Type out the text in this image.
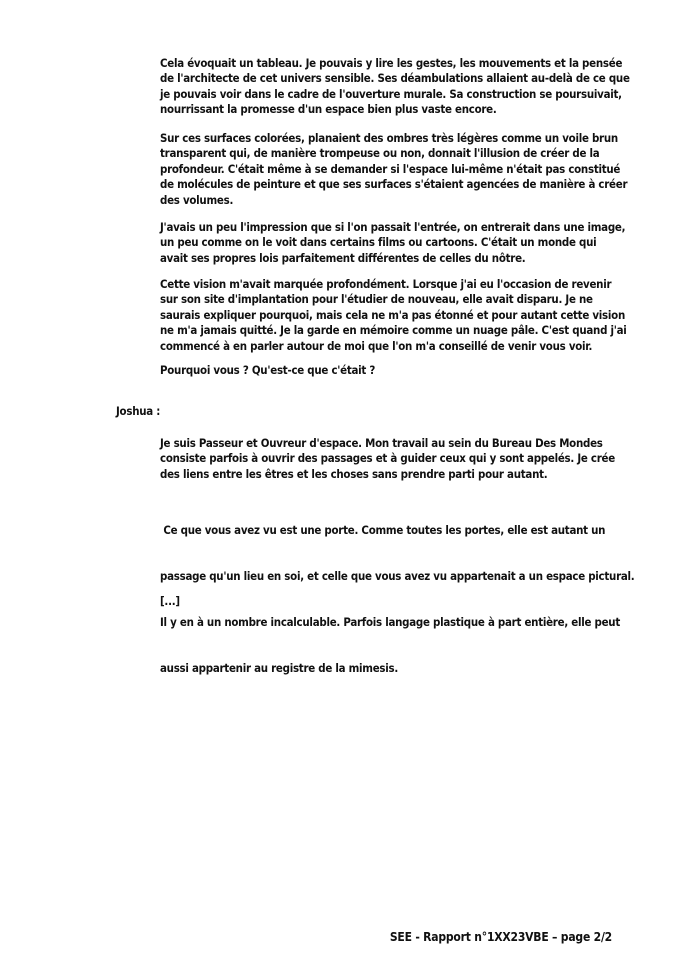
Cela évoquait un tableau. Je pouvais y lire les gestes, les mouvements et la pensée
de l'architecte de cet univers sensible. Ses déambulations allaient au-delà de ce que
je pouvais voir dans le cadre de l'ouverture murale. Sa construction se poursuivait,
nourrissant la promesse d'un espace bien plus vaste encore.
Sur ces surfaces colorées, planaient des ombres très légères comme un voile brun
transparent qui, de manière trompeuse ou non, donnait l'illusion de créer de la
profondeur. C'était même à se demander si l'espace lui-même n'était pas constitué
de molécules de peinture et que ses surfaces s'étaient agencées de manière à créer
des volumes.
J'avais un peu l'impression que si l'on passait l'entrée, on entrerait dans une image,
un peu comme on le voit dans certains films ou cartoons. C'était un monde qui
avait ses propres lois parfaitement différentes de celles du nôtre.
Cette vision m'avait marquée profondément. Lorsque j'ai eu l'occasion de revenir
sur son site d'implantation pour l'étudier de nouveau, elle avait disparu. Je ne
saurais expliquer pourquoi, mais cela ne m'a pas étonné et pour autant cette vision
ne m'a jamais quitté. Je la garde en mémoire comme un nuage pâle. C'est quand j'ai
commencé à en parler autour de moi que l'on m'a conseillé de venir vous voir.
Pourquoi vous ? Qu'est-ce que c'était ?
Joshua :
Je suis Passeur et Ouvreur d'espace. Mon travail au sein du Bureau Des Mondes
consiste parfois à ouvrir des passages et à guider ceux qui y sont appelés. Je crée
des liens entre les êtres et les choses sans prendre parti pour autant.

Ce que vous avez vu est une porte. Comme toutes les portes, elle est autant un

passage qu'un lieu en soi, et celle que vous avez vu appartenait a un espace pictural.

Il y en à un nombre incalculable. Parfois langage plastique à part entière, elle peut

aussi appartenir au registre de la mimesis.

[...]
SEE - Rapport n°1XX23VBE – page 2/2
